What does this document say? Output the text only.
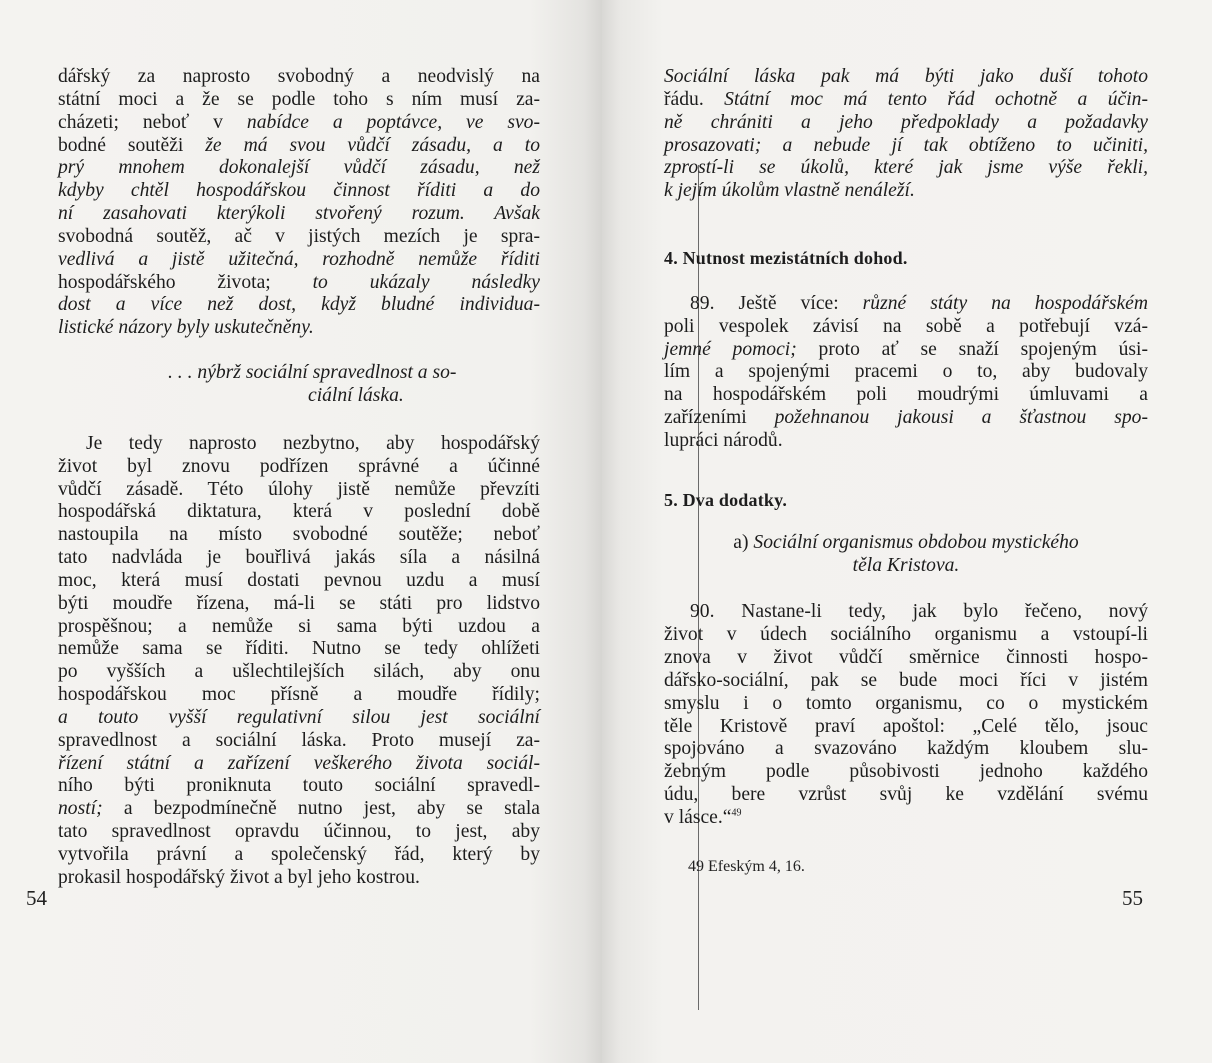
dářský za naprosto svobodný a neodvislý na
státní moci a že se podle toho s ním musí za-
cházeti; neboť v nabídce a poptávce, ve svo-
bodné soutěži že má svou vůdčí zásadu, a to
prý mnohem dokonalejší vůdčí zásadu, než
kdyby chtěl hospodářskou činnost říditi a do
ní zasahovati kterýkoli stvořený rozum. Avšak
svobodná soutěž, ač v jistých mezích je spra-
vedlivá a jistě užitečná, rozhodně nemůže říditi
hospodářského života; to ukázaly následky
dost a více než dost, když bludné individua-
listické názory byly uskutečněny.
. . . nýbrž sociální spravedlnost a so-
ciální láska.
Je tedy naprosto nezbytno, aby hospodářský
život byl znovu podřízen správné a účinné
vůdčí zásadě. Této úlohy jistě nemůže převzíti
hospodářská diktatura, která v poslední době
nastoupila na místo svobodné soutěže; neboť
tato nadvláda je bouřlivá jakás síla a násilná
moc, která musí dostati pevnou uzdu a musí
býti moudře řízena, má-li se státi pro lidstvo
prospěšnou; a nemůže si sama býti uzdou a
nemůže sama se říditi. Nutno se tedy ohlížeti
po vyšších a ušlechtilejších silách, aby onu
hospodářskou moc přísně a moudře řídily;
a touto vyšší regulativní silou jest sociální
spravedlnost a sociální láska. Proto musejí za-
řízení státní a zařízení veškerého života sociál-
ního býti proniknuta touto sociální spravedl-
ností; a bezpodmínečně nutno jest, aby se stala
tato spravedlnost opravdu účinnou, to jest, aby
vytvořila právní a společenský řád, který by
prokasil hospodářský život a byl jeho kostrou.
54
Sociální láska pak má býti jako duší tohoto
řádu. Státní moc má tento řád ochotně a účin-
ně chrániti a jeho předpoklady a požadavky
prosazovati; a nebude jí tak obtíženo to učiniti,
zprostí-li se úkolů, které jak jsme výše řekli,
k jejím úkolům vlastně nenáleží.
4. Nutnost mezistátních dohod.
89. Ještě více: různé státy na hospodářském
poli vespolek závisí na sobě a potřebují vzá-
jemné pomoci; proto ať se snaží spojeným úsi-
lím a spojenými pracemi o to, aby budovaly
na hospodářském poli moudrými úmluvami a
zařízeními požehnanou jakousi a šťastnou spo-
lupráci národů.
5. Dva dodatky.
a) Sociální organismus obdobou mystického
těla Kristova.
90. Nastane-li tedy, jak bylo řečeno, nový
život v údech sociálního organismu a vstoupí-li
znova v život vůdčí směrnice činnosti hospo-
dářsko-sociální, pak se bude moci říci v jistém
smyslu i o tomto organismu, co o mystickém
těle Kristově praví apoštol: „Celé tělo, jsouc
spojováno a svazováno každým kloubem slu-
žebným podle působivosti jednoho každého
údu, bere vzrůst svůj ke vzdělání svému
v lásce.“$^{49}$
49 Efeským 4, 16.
55
